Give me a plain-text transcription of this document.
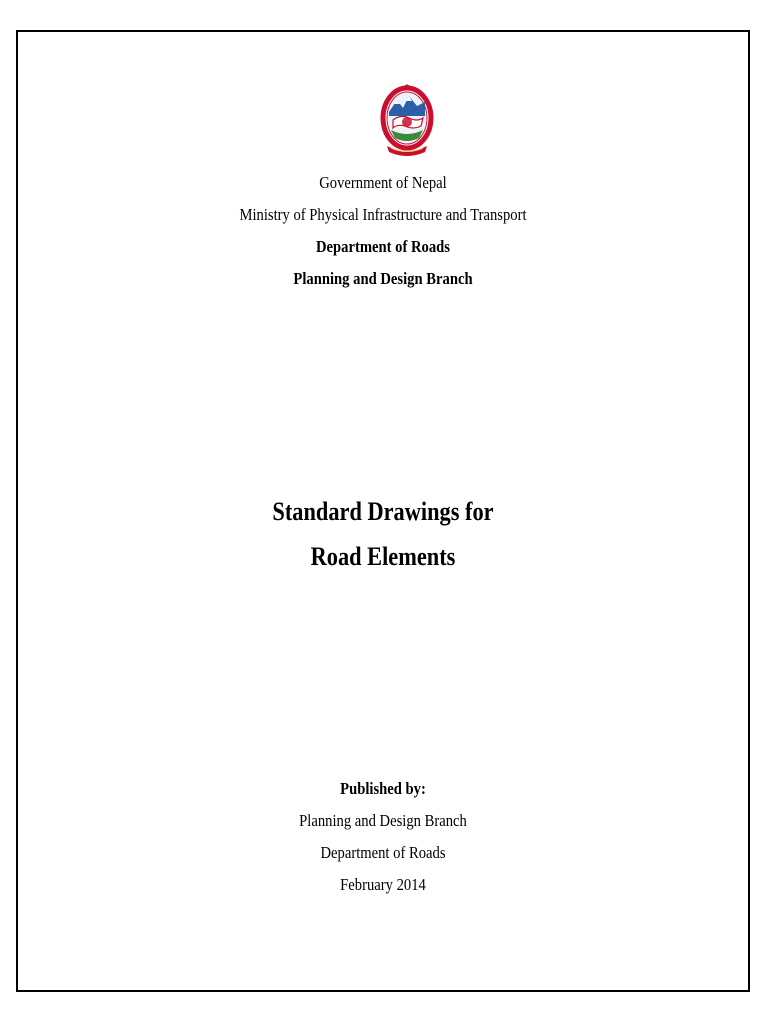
Government of Nepal
Ministry of Physical Infrastructure and Transport
Department of Roads
Planning and Design Branch
Standard Drawings for
Road Elements
Published by:
Planning and Design Branch
Department of Roads
February 2014
